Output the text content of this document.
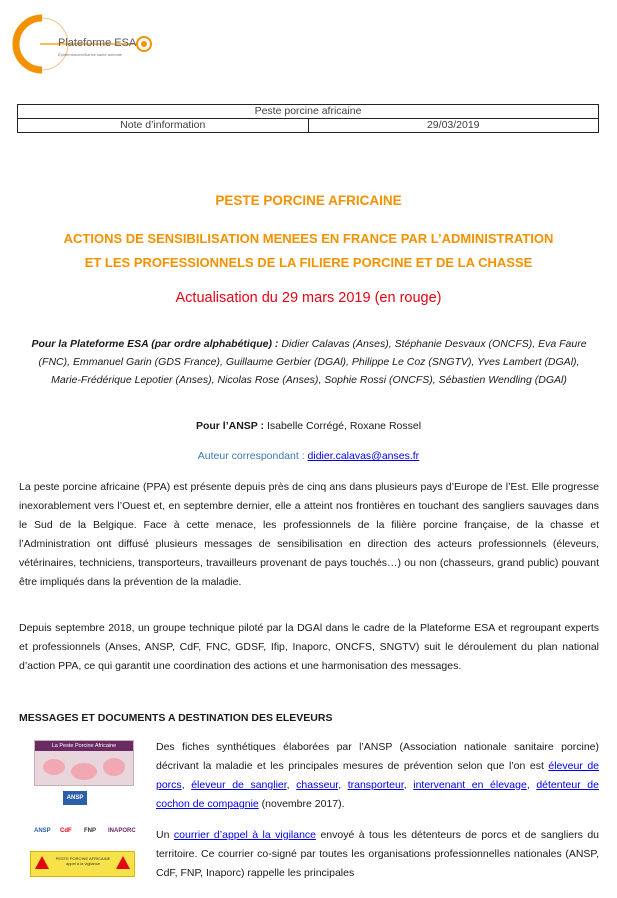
Plateforme ESA
Épidémiosurveillance santé animale
Peste porcine africaine
Note d’information	29/03/2019
PESTE PORCINE AFRICAINE
ACTIONS DE SENSIBILISATION MENEES EN FRANCE PAR L’ADMINISTRATION
ET LES PROFESSIONNELS DE LA FILIERE PORCINE ET DE LA CHASSE
Actualisation du 29 mars 2019 (en rouge)
Pour la Plateforme ESA (par ordre alphabétique) : Didier Calavas (Anses), Stéphanie Desvaux (ONCFS), Eva Faure (FNC), Emmanuel Garin (GDS France), Guillaume Gerbier (DGAl), Philippe Le Coz (SNGTV), Yves Lambert (DGAl), Marie-Frédérique Lepotier (Anses), Nicolas Rose (Anses), Sophie Rossi (ONCFS), Sébastien Wendling (DGAl)
Pour l’ANSP : Isabelle Corrégé, Roxane Rossel
Auteur correspondant : didier.calavas@anses.fr
La peste porcine africaine (PPA) est présente depuis près de cinq ans dans plusieurs pays d’Europe de l’Est. Elle progresse inexorablement vers l’Ouest et, en septembre dernier, elle a atteint nos frontières en touchant des sangliers sauvages dans le Sud de la Belgique. Face à cette menace, les professionnels de la filière porcine française, de la chasse et l’Administration ont diffusé plusieurs messages de sensibilisation en direction des acteurs professionnels (éleveurs, vétérinaires, techniciens, transporteurs, travailleurs provenant de pays touchés…) ou non (chasseurs, grand public) pouvant être impliqués dans la prévention de la maladie.
Depuis septembre 2018, un groupe technique piloté par la DGAl dans le cadre de la Plateforme ESA et regroupant experts et professionnels (Anses, ANSP, CdF, FNC, GDSF, Ifip, Inaporc, ONCFS, SNGTV) suit le déroulement du plan national d’action PPA, ce qui garantit une coordination des actions et une harmonisation des messages.
MESSAGES ET DOCUMENTS A DESTINATION DES ELEVEURS
La Peste Porcine Africaine
ANSP
Des fiches synthétiques élaborées par l’ANSP (Association nationale sanitaire porcine) décrivant la maladie et les principales mesures de prévention selon que l’on est éleveur de porcs, éleveur de sanglier, chasseur, transporteur, intervenant en élevage, détenteur de cochon de compagnie (novembre 2017).
ANSP CdF FNP INAPORC
PESTE PORCINE AFRICAINE appel à la vigilance
Un courrier d’appel à la vigilance envoyé à tous les détenteurs de porcs et de sangliers du territoire. Ce courrier co-signé par toutes les organisations professionnelles nationales (ANSP, CdF, FNP, Inaporc) rappelle les principales
